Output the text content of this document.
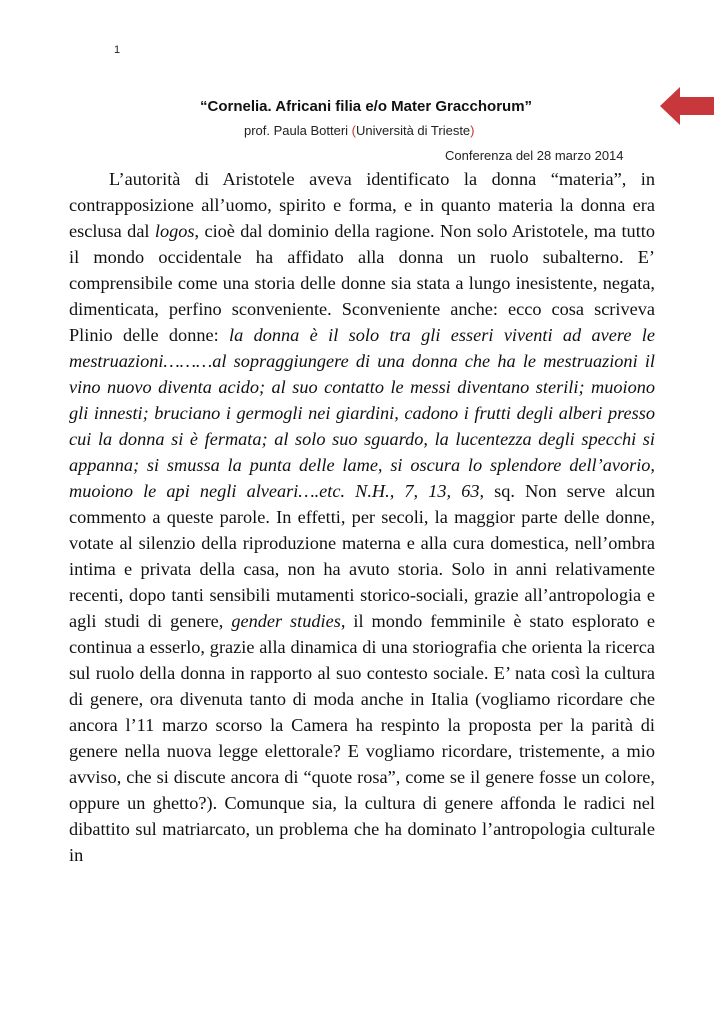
1
“Cornelia. Africani filia e/o Mater Gracchorum”
prof. Paula Botteri (Università di Trieste)
Conferenza del 28 marzo 2014

L’autorità di Aristotele aveva identificato la donna “materia”, in contrapposizione all’uomo, spirito e forma, e in quanto materia la donna era esclusa dal logos, cioè dal dominio della ragione. Non solo Aristotele, ma tutto il mondo occidentale ha affidato alla donna un ruolo subalterno. E’ comprensibile come una storia delle donne sia stata a lungo inesistente, negata, dimenticata, perfino sconveniente. Sconveniente anche: ecco cosa scriveva Plinio delle donne: la donna è il solo tra gli esseri viventi ad avere le mestruazioni………al sopraggiungere di una donna che ha le mestruazioni il vino nuovo diventa acido; al suo contatto le messi diventano sterili; muoiono gli innesti; bruciano i germogli nei giardini, cadono i frutti degli alberi presso cui la donna si è fermata; al solo suo sguardo, la lucentezza degli specchi si appanna; si smussa la punta delle lame, si oscura lo splendore dell’avorio, muoiono le api negli alveari….etc. N.H., 7, 13, 63, sq. Non serve alcun commento a queste parole. In effetti, per secoli, la maggior parte delle donne, votate al silenzio della riproduzione materna e alla cura domestica, nell’ombra intima e privata della casa, non ha avuto storia. Solo in anni relativamente recenti, dopo tanti sensibili mutamenti storico-sociali, grazie all’antropologia e agli studi di genere, gender studies, il mondo femminile è stato esplorato e continua a esserlo, grazie alla dinamica di una storiografia che orienta la ricerca sul ruolo della donna in rapporto al suo contesto sociale. E’ nata così la cultura di genere, ora divenuta tanto di moda anche in Italia (vogliamo ricordare che ancora l’11 marzo scorso la Camera ha respinto la proposta per la parità di genere nella nuova legge elettorale? E vogliamo ricordare, tristemente, a mio avviso, che si discute ancora di “quote rosa”, come se il genere fosse un colore, oppure un ghetto?). Comunque sia, la cultura di genere affonda le radici nel dibattito sul matriarcato, un problema che ha dominato l’antropologia culturale in
